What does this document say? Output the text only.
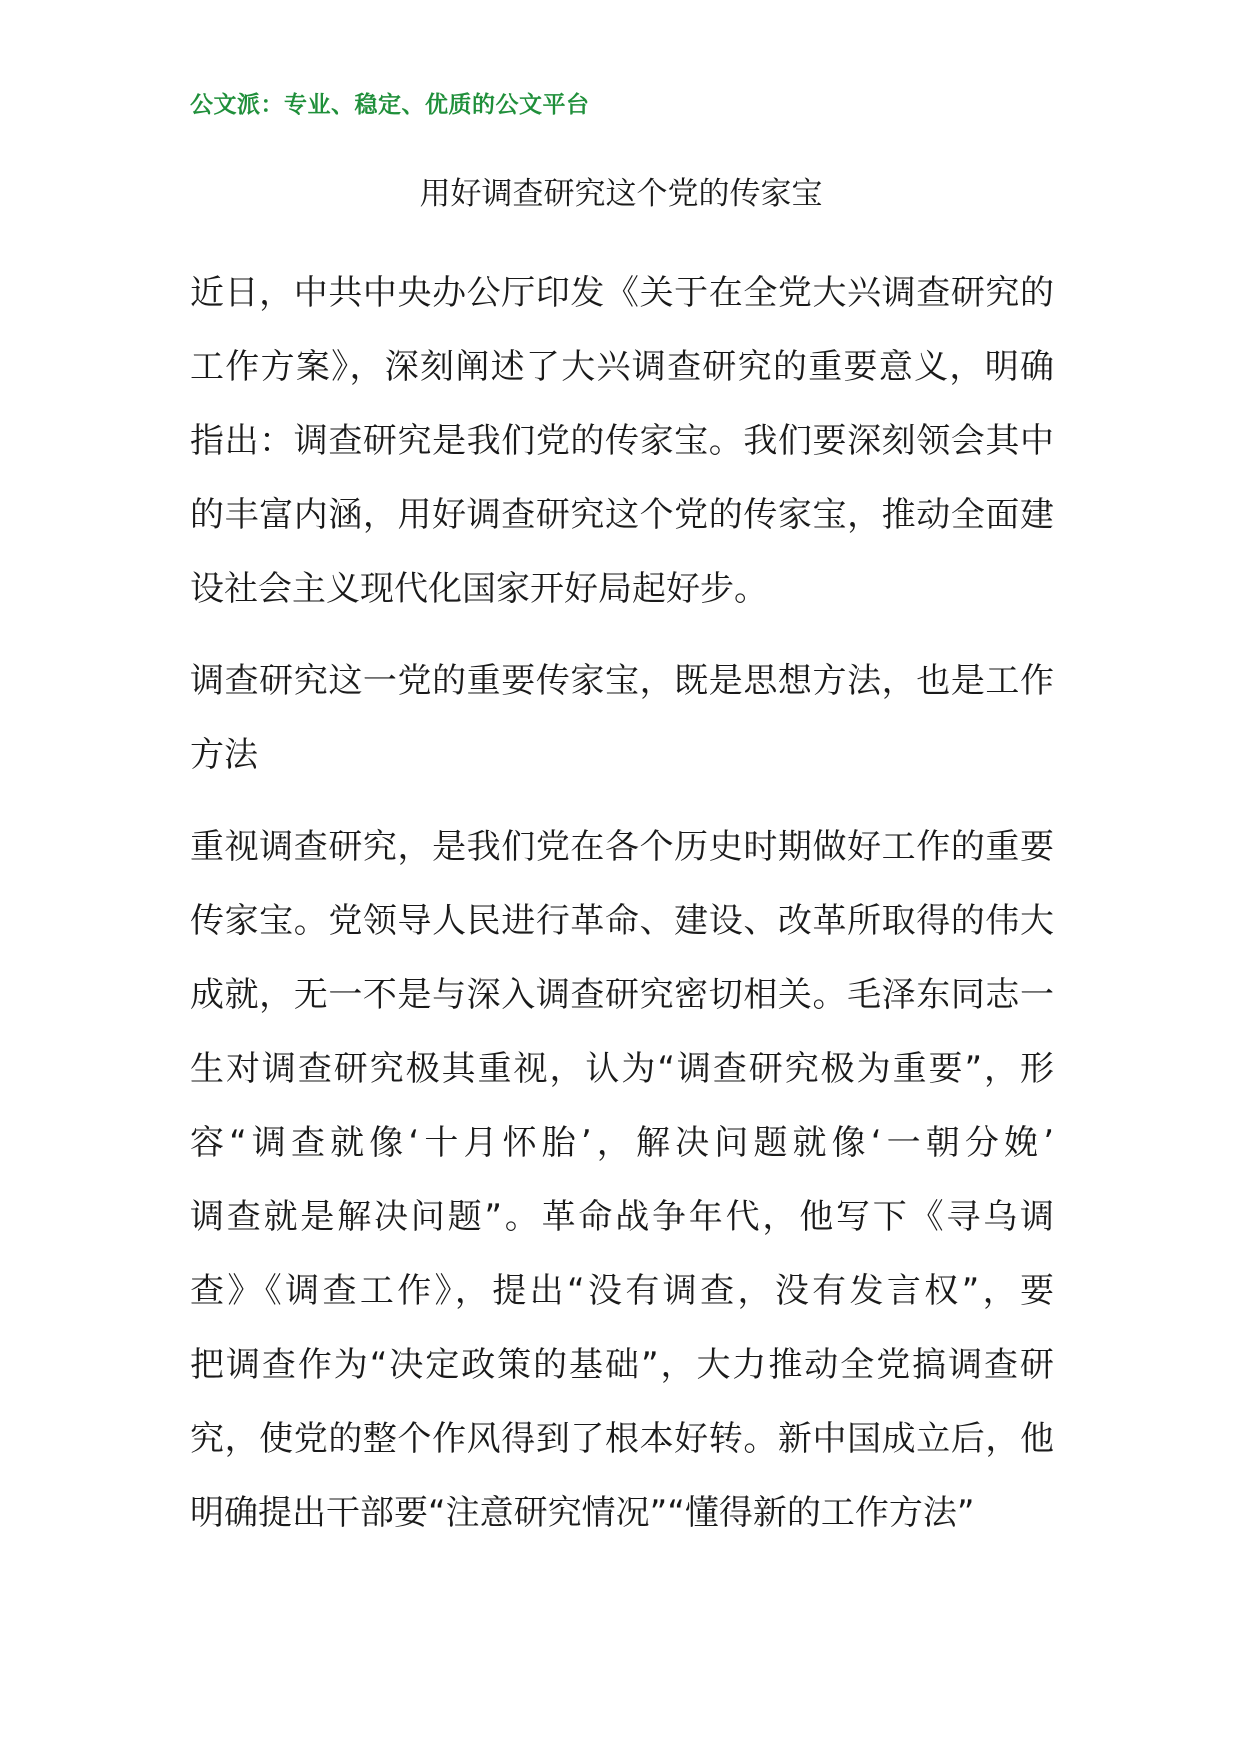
公文派：专业、稳定、优质的公文平台
用好调查研究这个党的传家宝

近日，中共中央办公厅印发《关于在全党大兴调查研究的
工作方案》，深刻阐述了大兴调查研究的重要意义，明确
指出：调查研究是我们党的传家宝。我们要深刻领会其中
的丰富内涵，用好调查研究这个党的传家宝，推动全面建
设社会主义现代化国家开好局起好步。

调查研究这一党的重要传家宝，既是思想方法，也是工作
方法

重视调查研究，是我们党在各个历史时期做好工作的重要
传家宝。党领导人民进行革命、建设、改革所取得的伟大
成就，无一不是与深入调查研究密切相关。毛泽东同志一
生对调查研究极其重视，认为“调查研究极为重要”，形
容“调查就像‘十月怀胎’，解决问题就像‘一朝分娩’
调查就是解决问题”。革命战争年代，他写下《寻乌调
查》《调查工作》，提出“没有调查，没有发言权”，要
把调查作为“决定政策的基础”，大力推动全党搞调查研
究，使党的整个作风得到了根本好转。新中国成立后，他
明确提出干部要“注意研究情况”“懂得新的工作方法”
